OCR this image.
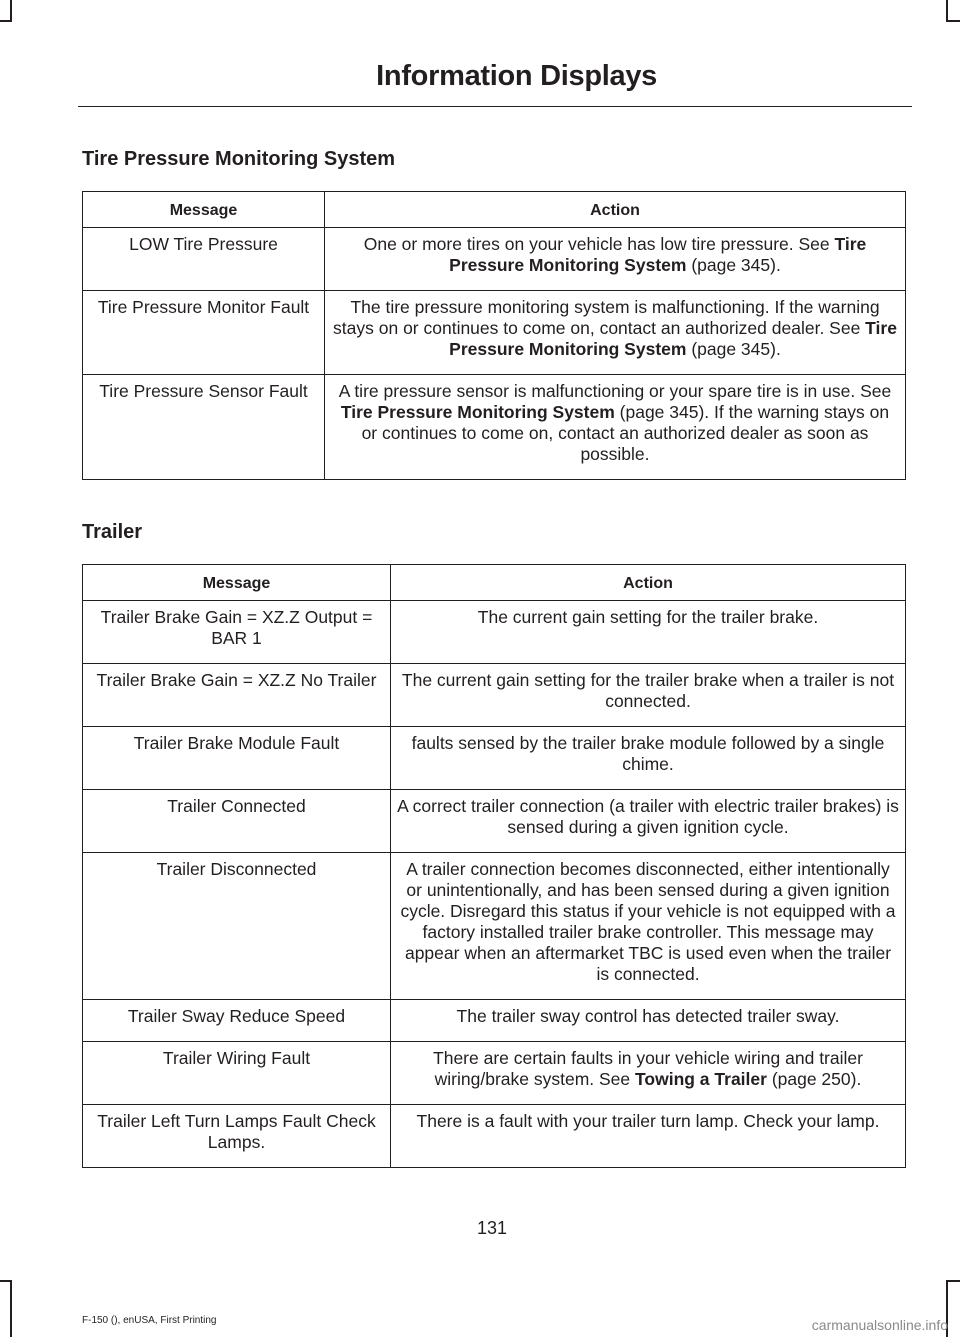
Information Displays
Tire Pressure Monitoring System
Message	Action
LOW Tire Pressure	One or more tires on your vehicle has low tire pressure. See Tire Pressure Monitoring System (page 345).
Tire Pressure Monitor Fault	The tire pressure monitoring system is malfunctioning. If the warning stays on or continues to come on, contact an authorized dealer. See Tire Pressure Monitoring System (page 345).
Tire Pressure Sensor Fault	A tire pressure sensor is malfunctioning or your spare tire is in use. See Tire Pressure Monitoring System (page 345). If the warning stays on or continues to come on, contact an authorized dealer as soon as possible.
Trailer
Message	Action
Trailer Brake Gain = XZ.Z Output = BAR 1	The current gain setting for the trailer brake.
Trailer Brake Gain = XZ.Z No Trailer	The current gain setting for the trailer brake when a trailer is not connected.
Trailer Brake Module Fault	faults sensed by the trailer brake module followed by a single chime.
Trailer Connected	A correct trailer connection (a trailer with electric trailer brakes) is sensed during a given ignition cycle.
Trailer Disconnected	A trailer connection becomes disconnected, either intentionally or unintentionally, and has been sensed during a given ignition cycle. Disregard this status if your vehicle is not equipped with a factory installed trailer brake controller. This message may appear when an aftermarket TBC is used even when the trailer is connected.
Trailer Sway Reduce Speed	The trailer sway control has detected trailer sway.
Trailer Wiring Fault	There are certain faults in your vehicle wiring and trailer wiring/brake system. See Towing a Trailer (page 250).
Trailer Left Turn Lamps Fault Check Lamps.	There is a fault with your trailer turn lamp. Check your lamp.
131
F-150 (), enUSA, First Printing	carmanualsonline.info
